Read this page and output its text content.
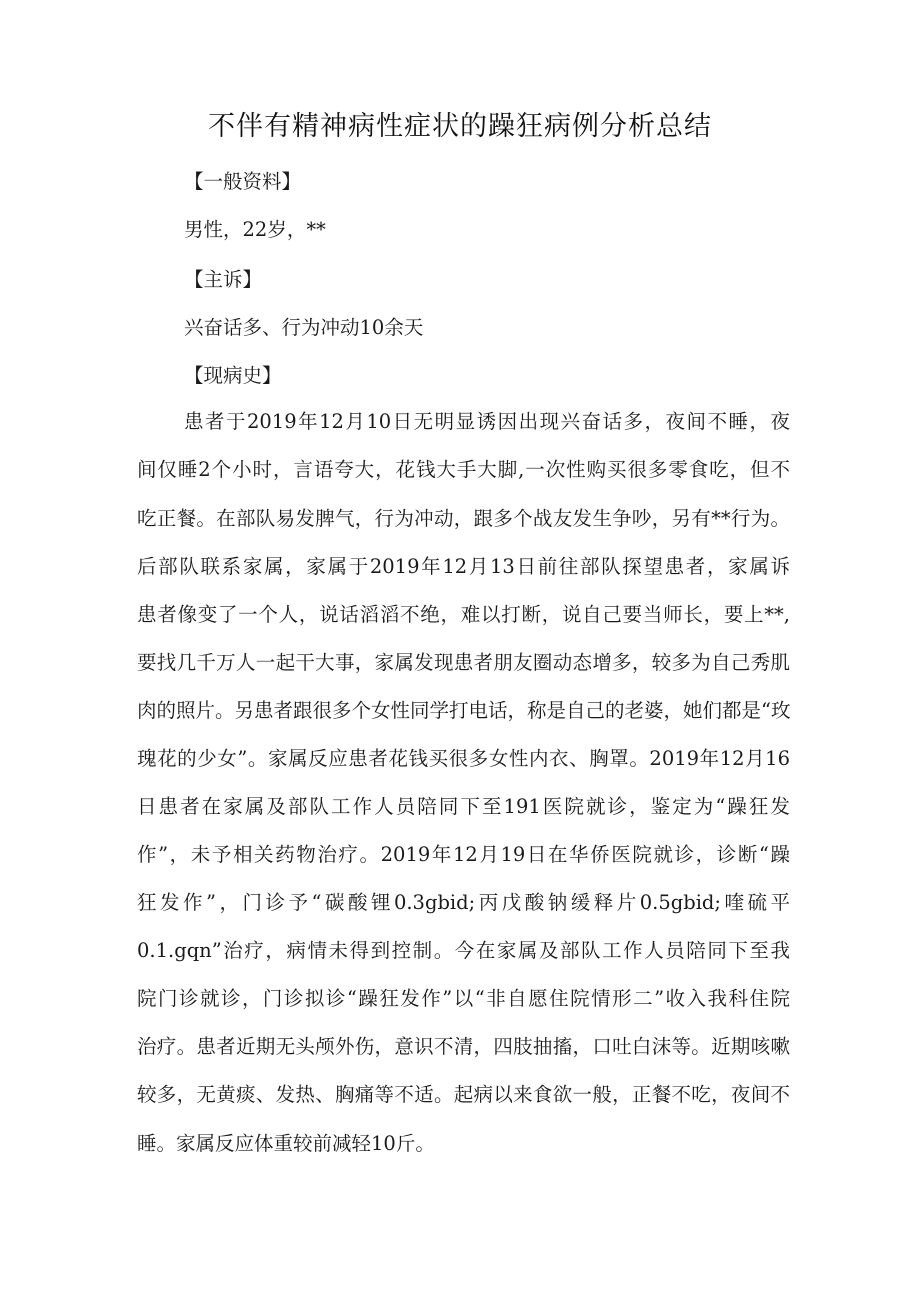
不伴有精神病性症状的躁狂病例分析总结
【一般资料】
男性，22岁，**
【主诉】
兴奋话多、行为冲动10余天
【现病史】
患者于2019年12月10日无明显诱因出现兴奋话多，夜间不睡，夜
间仅睡2个小时，言语夸大，花钱大手大脚,一次性购买很多零食吃，但不
吃正餐。在部队易发脾气，行为冲动，跟多个战友发生争吵，另有**行为。
后部队联系家属，家属于2019年12月13日前往部队探望患者，家属诉
患者像变了一个人，说话滔滔不绝，难以打断，说自己要当师长，要上**,
要找几千万人一起干大事，家属发现患者朋友圈动态增多，较多为自己秀肌
肉的照片。另患者跟很多个女性同学打电话，称是自己的老婆，她们都是“玫
瑰花的少女”。家属反应患者花钱买很多女性内衣、胸罩。2019年12月16
日患者在家属及部队工作人员陪同下至191医院就诊，鉴定为“躁狂发
作”，未予相关药物治疗。2019年12月19日在华侨医院就诊，诊断“躁
狂发作”，门诊予“碳酸锂0.3gbid;丙戊酸钠缓释片0.5gbid;喹硫平
0.1.gqn”治疗，病情未得到控制。今在家属及部队工作人员陪同下至我
院门诊就诊，门诊拟诊“躁狂发作”以“非自愿住院情形二”收入我科住院
治疗。患者近期无头颅外伤，意识不清，四肢抽搐，口吐白沫等。近期咳嗽
较多，无黄痰、发热、胸痛等不适。起病以来食欲一般，正餐不吃，夜间不
睡。家属反应体重较前减轻10斤。
